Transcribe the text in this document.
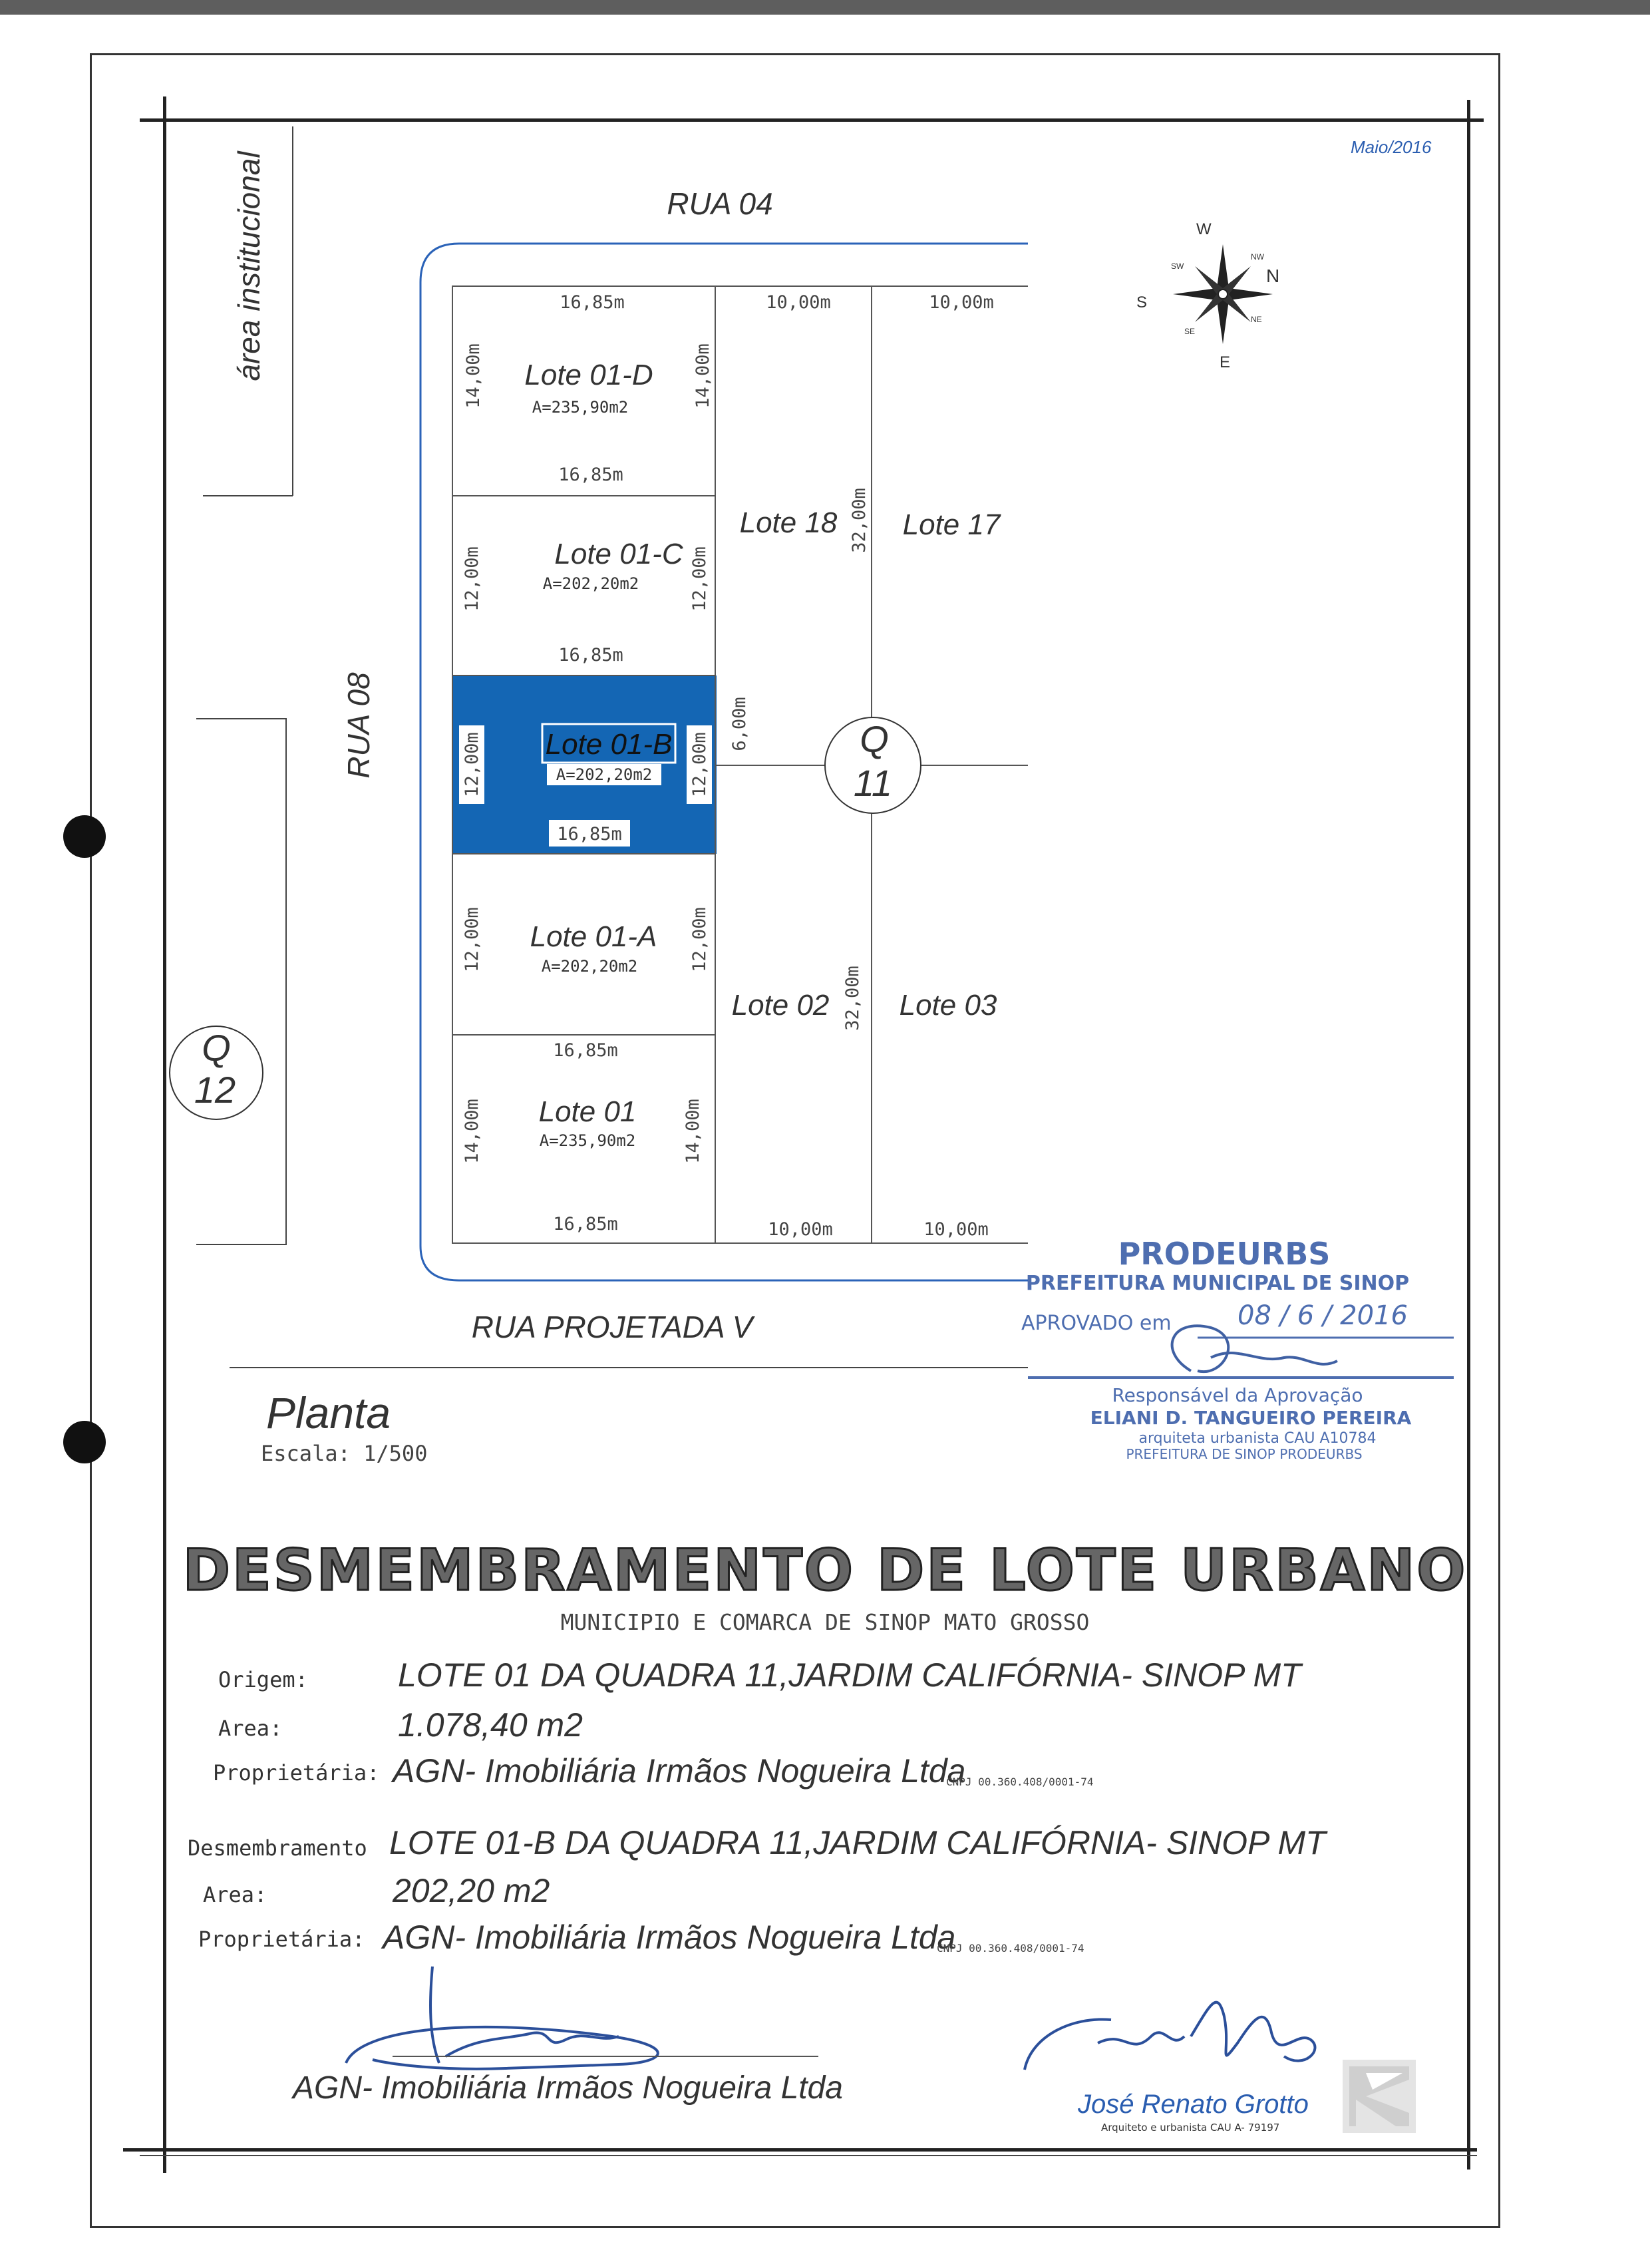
Maio/2016
RUA 04
RUA 08
RUA PROJETADA V
área institucional	16,85m
Lote 01-D
A=235,90m2
14,00m	14,00m
16,85m
Lote 01-C
A=202,20m2
12,00m	12,00m
16,85m
Lote 01-B
A=202,20m2
12,00m	12,00m
16,85m
Lote 01-A
A=202,20m2
12,00m	12,00m
16,85m
Lote 01
A=235,90m2
14,00m	14,00m
16,85m
10,00m	10,00m
Lote 18 Lote 17
32,00m
6,00m
Lote 02 Lote 03
32,00m
10,00m	10,00m
Q
11
Q
12
W
N
S
E
SW
NW
SE
NE
PRODEURBS
PREFEITURA MUNICIPAL DE SINOP
APROVADO em 08 / 6 / 2016
Responsável da Aprovação
ELIANI D. TANGUEIRO PEREIRA
arquiteta urbanista CAU A10784
PREFEITURA DE SINOP PRODEURBS
Planta
Escala: 1/500
DESMEMBRAMENTO DE LOTE URBANO
MUNICIPIO E COMARCA DE SINOP MATO GROSSO
Origem:	LOTE 01 DA QUADRA 11,JARDIM CALIFÓRNIA- SINOP MT
Area:	1.078,40 m2
Proprietária: AGN- Imobiliária Irmãos Nogueira Ltda
CNPJ 00.360.408/0001-74
Desmembramento LOTE 01-B DA QUADRA 11,JARDIM CALIFÓRNIA- SINOP MT
Area:	202,20 m2
Proprietária: AGN- Imobiliária Irmãos Nogueira Ltda
CNPJ 00.360.408/0001-74
AGN- Imobiliária Irmãos Nogueira Ltda	José Renato Grotto
Arquiteto e urbanista CAU A- 79197
